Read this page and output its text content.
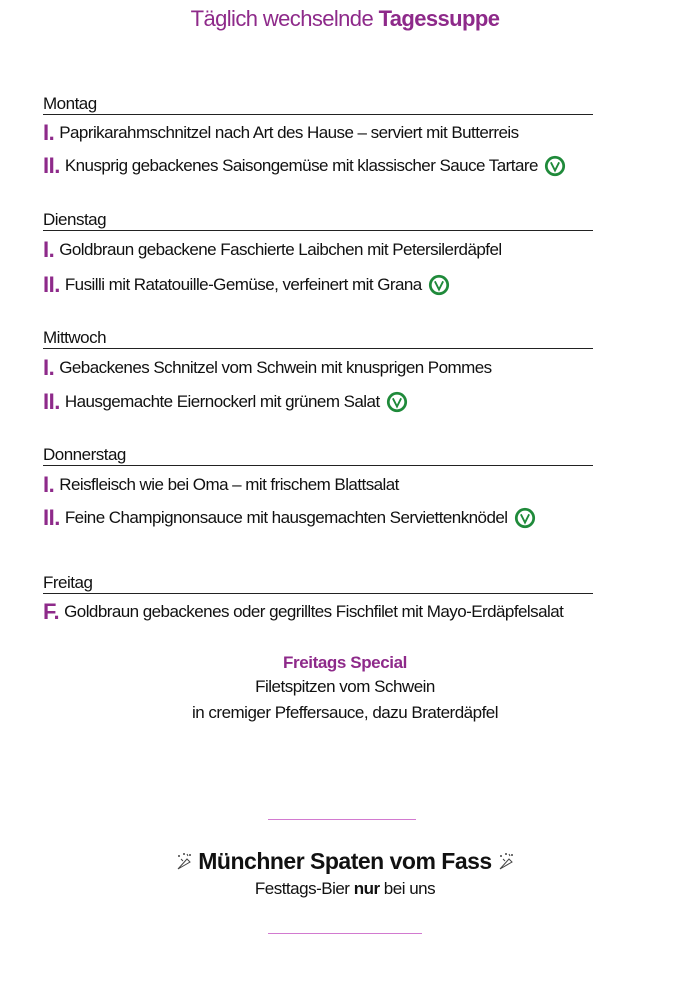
Täglich wechselnde Tagessuppe
Montag
I. Paprikarahmschnitzel nach Art des Hause – serviert mit Butterreis
II. Knusprig gebackenes Saisongemüse mit klassischer Sauce Tartare
Dienstag
I. Goldbraun gebackene Faschierte Laibchen mit Petersilerdäpfel
II. Fusilli mit Ratatouille-Gemüse, verfeinert mit Grana
Mittwoch
I. Gebackenes Schnitzel vom Schwein mit knusprigen Pommes
II. Hausgemachte Eiernockerl mit grünem Salat
Donnerstag
I. Reisfleisch wie bei Oma – mit frischem Blattsalat
II. Feine Champignonsauce mit hausgemachten Serviettenknödel
Freitag
F. Goldbraun gebackenes oder gegrilltes Fischfilet mit Mayo-Erdäpfelsalat
Freitags Special
Filetspitzen vom Schwein
in cremiger Pfeffersauce, dazu Braterdäpfel
Münchner Spaten vom Fass
Festtags-Bier nur bei uns
